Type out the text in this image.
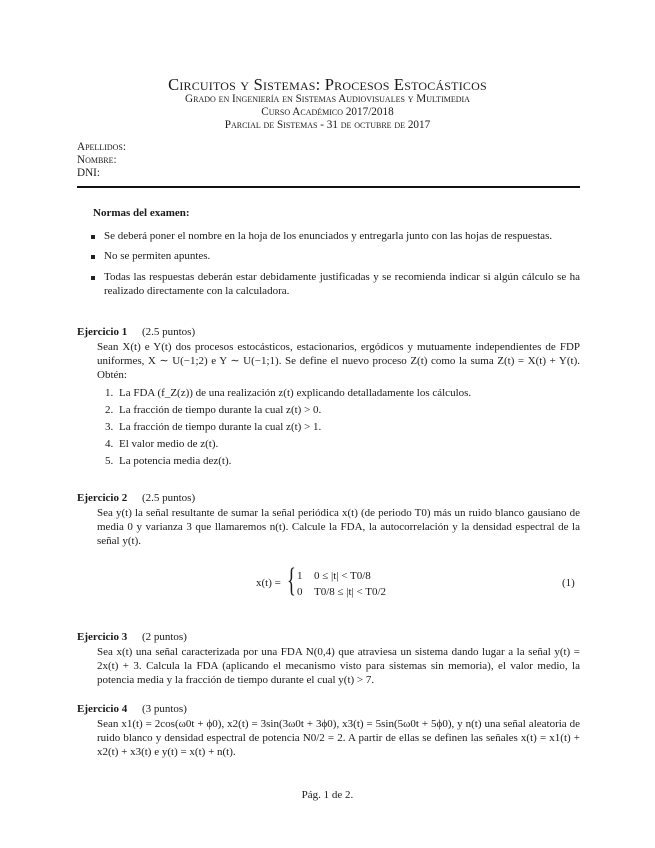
Circuitos y Sistemas: Procesos Estocásticos
Grado en Ingeniería en Sistemas Audiovisuales y Multimedia
Curso Académico 2017/2018
Parcial de Sistemas - 31 de octubre de 2017
Apellidos:
Nombre:
DNI:
Normas del examen:
Se deberá poner el nombre en la hoja de los enunciados y entregarla junto con las hojas de respuestas.
No se permiten apuntes.
Todas las respuestas deberán estar debidamente justificadas y se recomienda indicar si algún cálculo se ha realizado directamente con la calculadora.
Ejercicio 1 (2.5 puntos)
Sean X(t) e Y(t) dos procesos estocásticos, estacionarios, ergódicos y mutuamente independientes de FDP uniformes, X ∼ U(−1;2) e Y ∼ U(−1;1). Se define el nuevo proceso Z(t) como la suma Z(t) = X(t) + Y(t). Obtén:
1. La FDA (f_Z(z)) de una realización z(t) explicando detalladamente los cálculos.
2. La fracción de tiempo durante la cual z(t) > 0.
3. La fracción de tiempo durante la cual z(t) > 1.
4. El valor medio de z(t).
5. La potencia media dez(t).
Ejercicio 2 (2.5 puntos)
Sea y(t) la señal resultante de sumar la señal periódica x(t) (de periodo T0) más un ruido blanco gausiano de media 0 y varianza 3 que llamaremos n(t). Calcule la FDA, la autocorrelación y la densidad espectral de la señal y(t).
x(t) = { 1 0 ≤ |t| < T0/8
0 T0/8 ≤ |t| < T0/2
(1)
Ejercicio 3 (2 puntos)
Sea x(t) una señal caracterizada por una FDA N(0,4) que atraviesa un sistema dando lugar a la señal y(t) = 2x(t) + 3. Calcula la FDA (aplicando el mecanismo visto para sistemas sin memoria), el valor medio, la potencia media y la fracción de tiempo durante el cual y(t) > 7.
Ejercicio 4 (3 puntos)
Sean x1(t) = 2cos(ω0t + ϕ0), x2(t) = 3sin(3ω0t + 3ϕ0), x3(t) = 5sin(5ω0t + 5ϕ0), y n(t) una señal aleatoria de ruido blanco y densidad espectral de potencia N0/2 = 2. A partir de ellas se definen las señales x(t) = x1(t) + x2(t) + x3(t) e y(t) = x(t) + n(t).
Pág. 1 de 2.
